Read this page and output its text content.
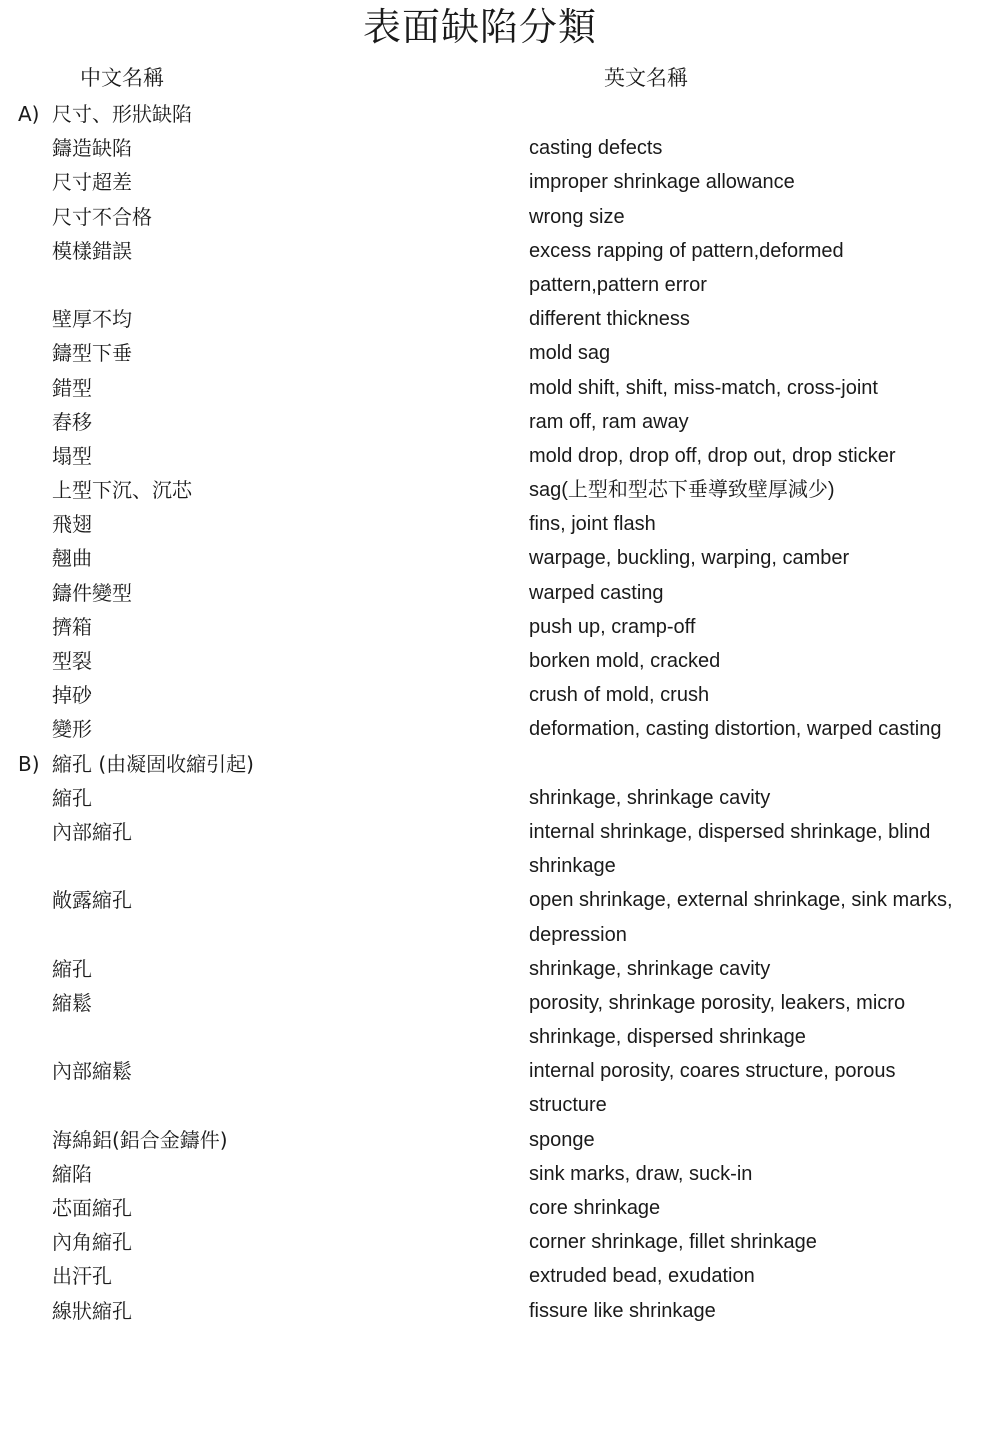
表面缺陷分類
中文名稱	英文名稱
A) 尺寸、形狀缺陷
鑄造缺陷	casting defects
尺寸超差	improper shrinkage allowance
尺寸不合格	wrong size
模樣錯誤	excess rapping of pattern,deformed
pattern,pattern error
壁厚不均	different thickness
鑄型下垂	mold sag
錯型	mold shift, shift, miss-match, cross-joint
舂移	ram off, ram away
塌型	mold drop, drop off, drop out, drop sticker
上型下沉、沉芯	sag(上型和型芯下垂導致壁厚減少)
飛翅	fins, joint flash
翹曲	warpage, buckling, warping, camber
鑄件變型	warped casting
擠箱	push up, cramp-off
型裂	borken mold, cracked
掉砂	crush of mold, crush
變形	deformation, casting distortion, warped casting
B) 縮孔 (由凝固收縮引起)
縮孔	shrinkage, shrinkage cavity
內部縮孔	internal shrinkage, dispersed shrinkage, blind
shrinkage
敞露縮孔	open shrinkage, external shrinkage, sink marks,
depression
縮孔	shrinkage, shrinkage cavity
縮鬆	porosity, shrinkage porosity, leakers, micro
shrinkage, dispersed shrinkage
內部縮鬆	internal porosity, coares structure, porous
structure
海綿鋁(鋁合金鑄件)	sponge
縮陷	sink marks, draw, suck-in
芯面縮孔	core shrinkage
內角縮孔	corner shrinkage, fillet shrinkage
出汗孔	extruded bead, exudation
線狀縮孔	fissure like shrinkage
